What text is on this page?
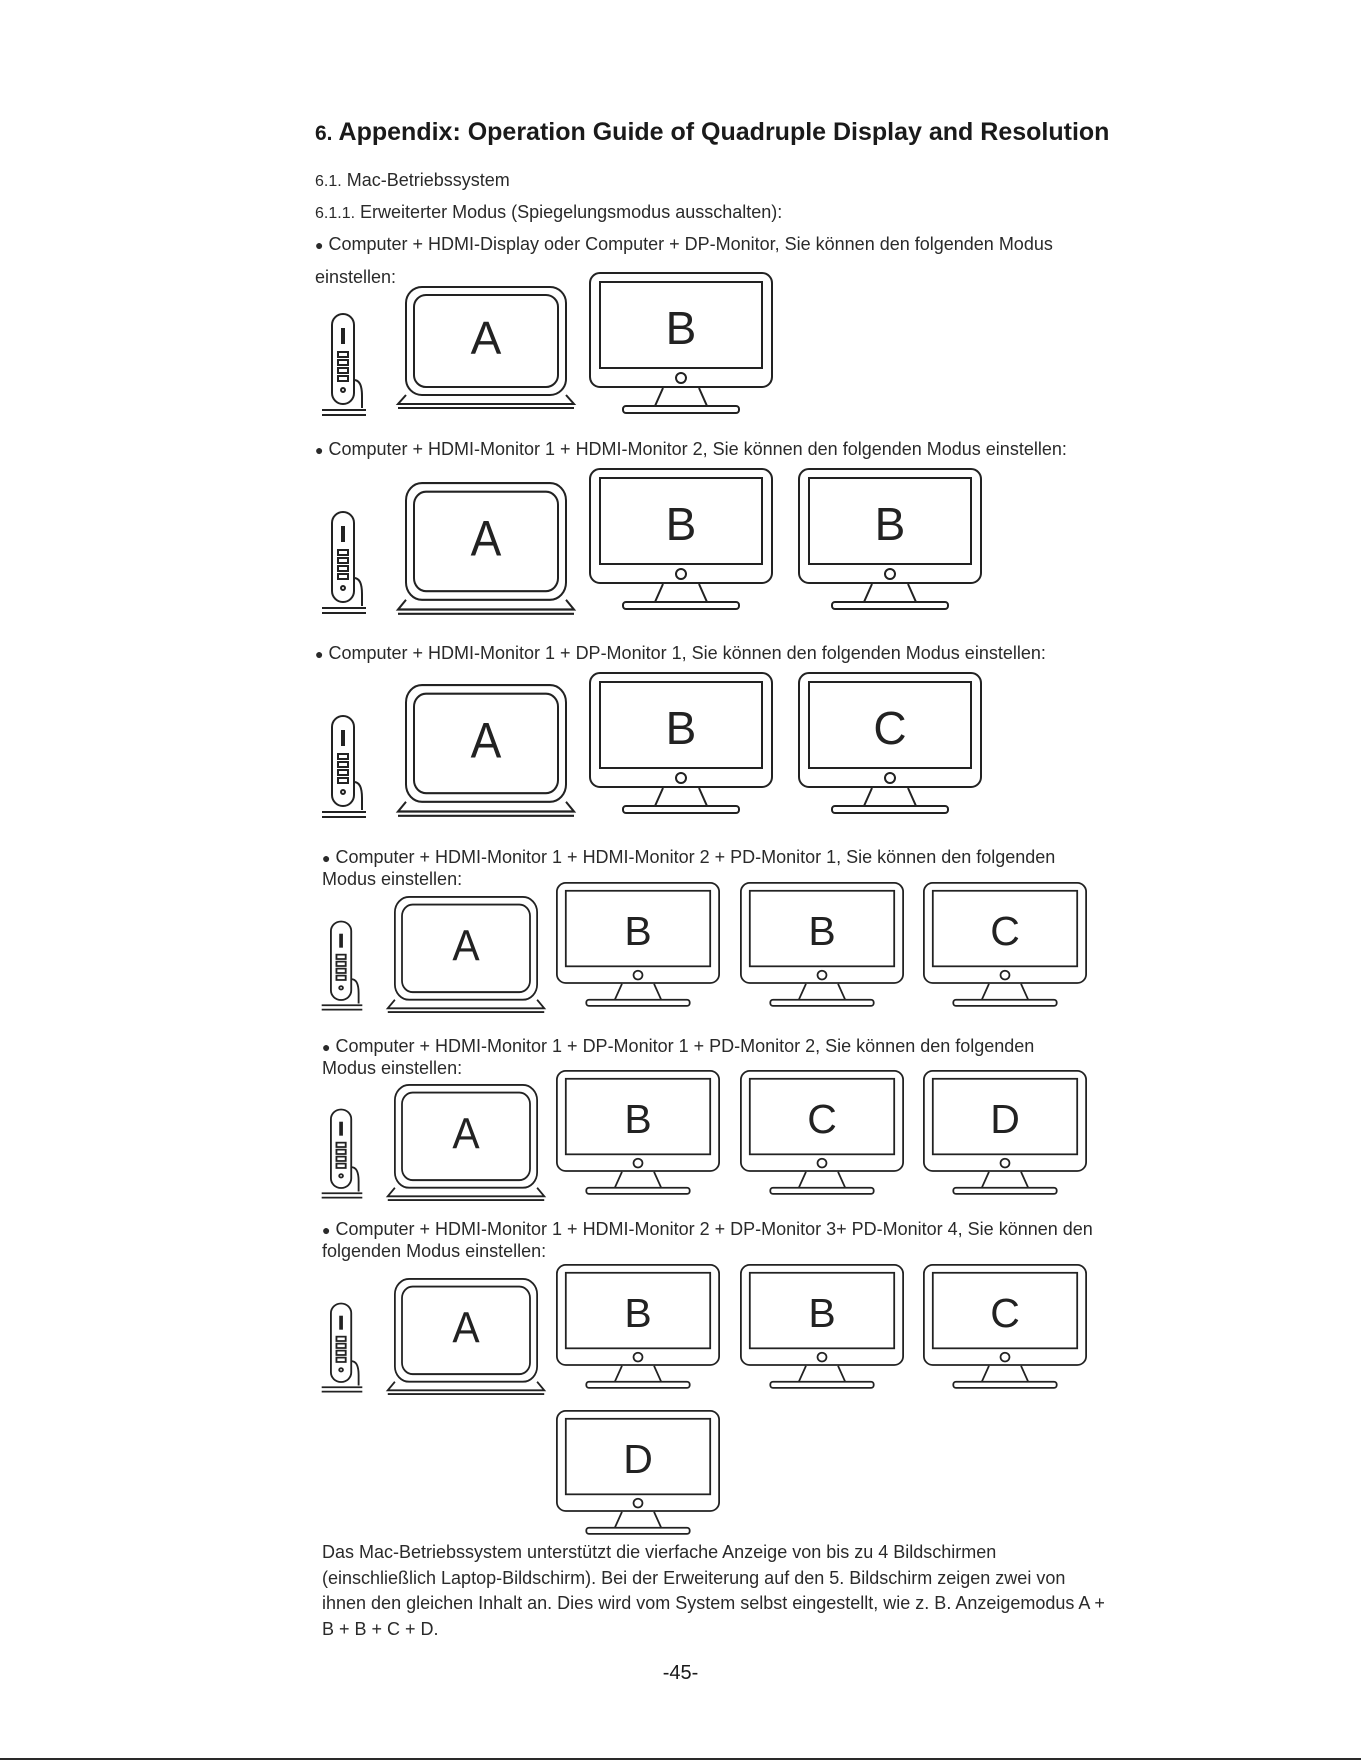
6. Appendix: Operation Guide of Quadruple Display and Resolution
6.1. Mac-Betriebssystem
6.1.1. Erweiterter Modus (Spiegelungsmodus ausschalten):
● Computer + HDMI-Display oder Computer + DP-Monitor, Sie können den folgenden Modus
einstellen:
● Computer + HDMI-Monitor 1 + HDMI-Monitor 2, Sie können den folgenden Modus einstellen:
● Computer + HDMI-Monitor 1 + DP-Monitor 1, Sie können den folgenden Modus einstellen:
● Computer + HDMI-Monitor 1 + HDMI-Monitor 2 + PD-Monitor 1, Sie können den folgenden
Modus einstellen:
● Computer + HDMI-Monitor 1 + DP-Monitor 1 + PD-Monitor 2, Sie können den folgenden
Modus einstellen:
● Computer + HDMI-Monitor 1 + HDMI-Monitor 2 + DP-Monitor 3+ PD-Monitor 4, Sie können den
folgenden Modus einstellen:
A	B
A	B	B
A	B	C
A	B	B	C
A	B	C	D
A	B	B	C
D
Das Mac-Betriebssystem unterstützt die vierfache Anzeige von bis zu 4 Bildschirmen (einschließlich Laptop-Bildschirm). Bei der Erweiterung auf den 5. Bildschirm zeigen zwei von ihnen den gleichen Inhalt an. Dies wird vom System selbst eingestellt, wie z. B. Anzeigemodus A + B + B + C + D.
-45-
